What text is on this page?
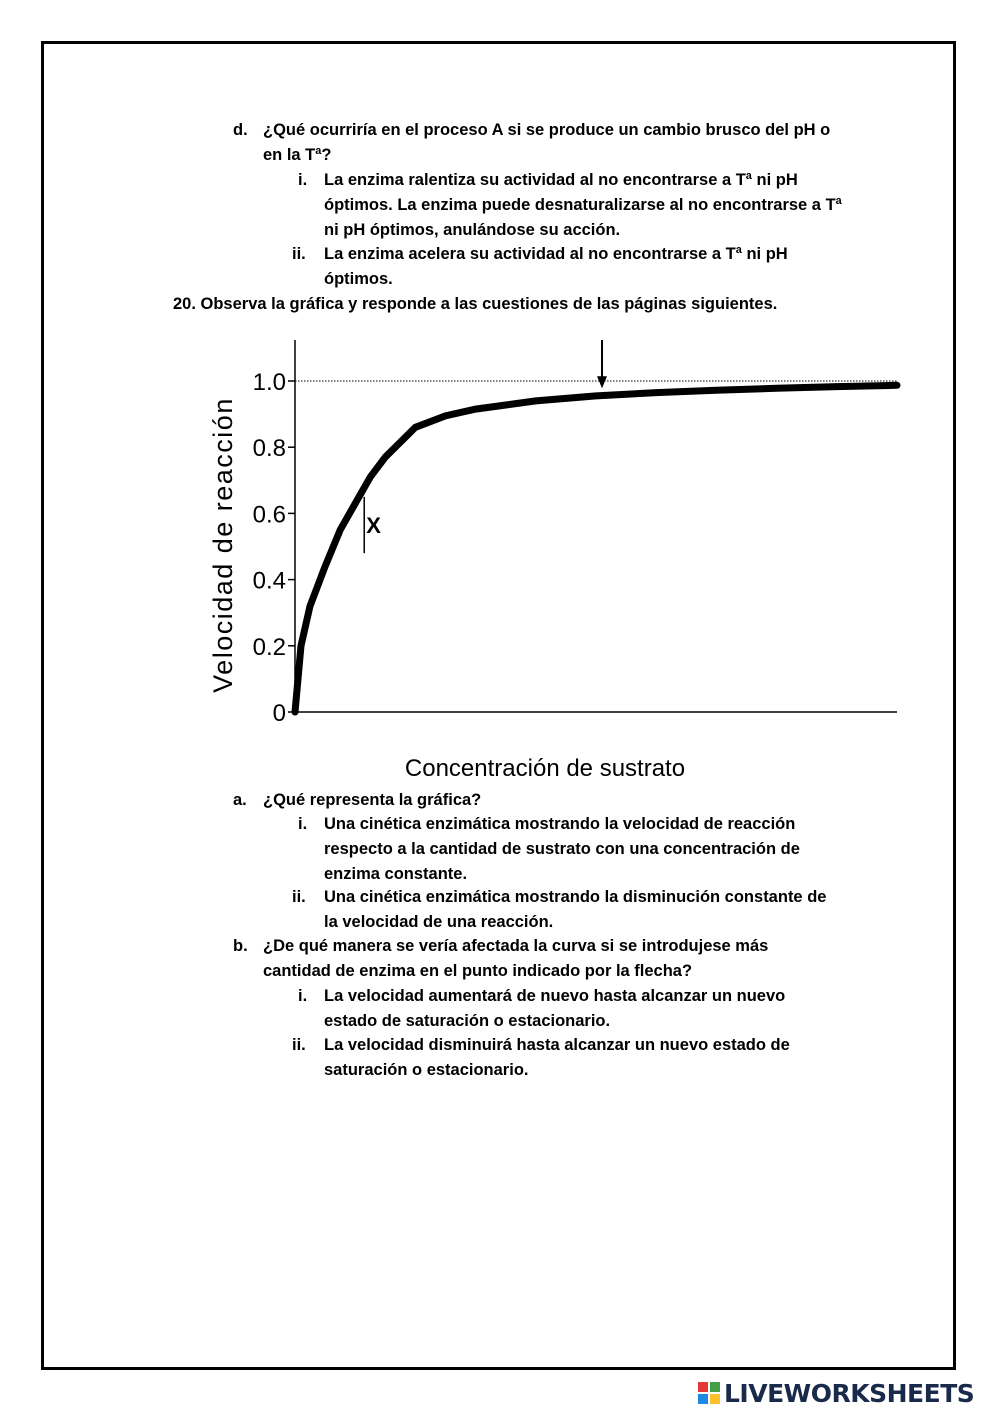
d. ¿Qué ocurriría en el proceso A si se produce un cambio brusco del pH o en la Tª?
i. La enzima ralentiza su actividad al no encontrarse a Tª ni pH óptimos. La enzima puede desnaturalizarse al no encontrarse a Tª ni pH óptimos, anulándose su acción.
ii. La enzima acelera su actividad al no encontrarse a Tª ni pH óptimos.
20. Observa la gráfica y responde a las cuestiones de las páginas siguientes.
0
0.2
0.4
0.6
0.8
1.0
X
Velocidad de reacción
Concentración de sustrato
a. ¿Qué representa la gráfica?
i. Una cinética enzimática mostrando la velocidad de reacción respecto a la cantidad de sustrato con una concentración de enzima constante.
ii. Una cinética enzimática mostrando la disminución constante de la velocidad de una reacción.
b. ¿De qué manera se vería afectada la curva si se introdujese más cantidad de enzima en el punto indicado por la flecha?
i. La velocidad aumentará de nuevo hasta alcanzar un nuevo estado de saturación o estacionario.
ii. La velocidad disminuirá hasta alcanzar un nuevo estado de saturación o estacionario.
LIVEWORKSHEETS
